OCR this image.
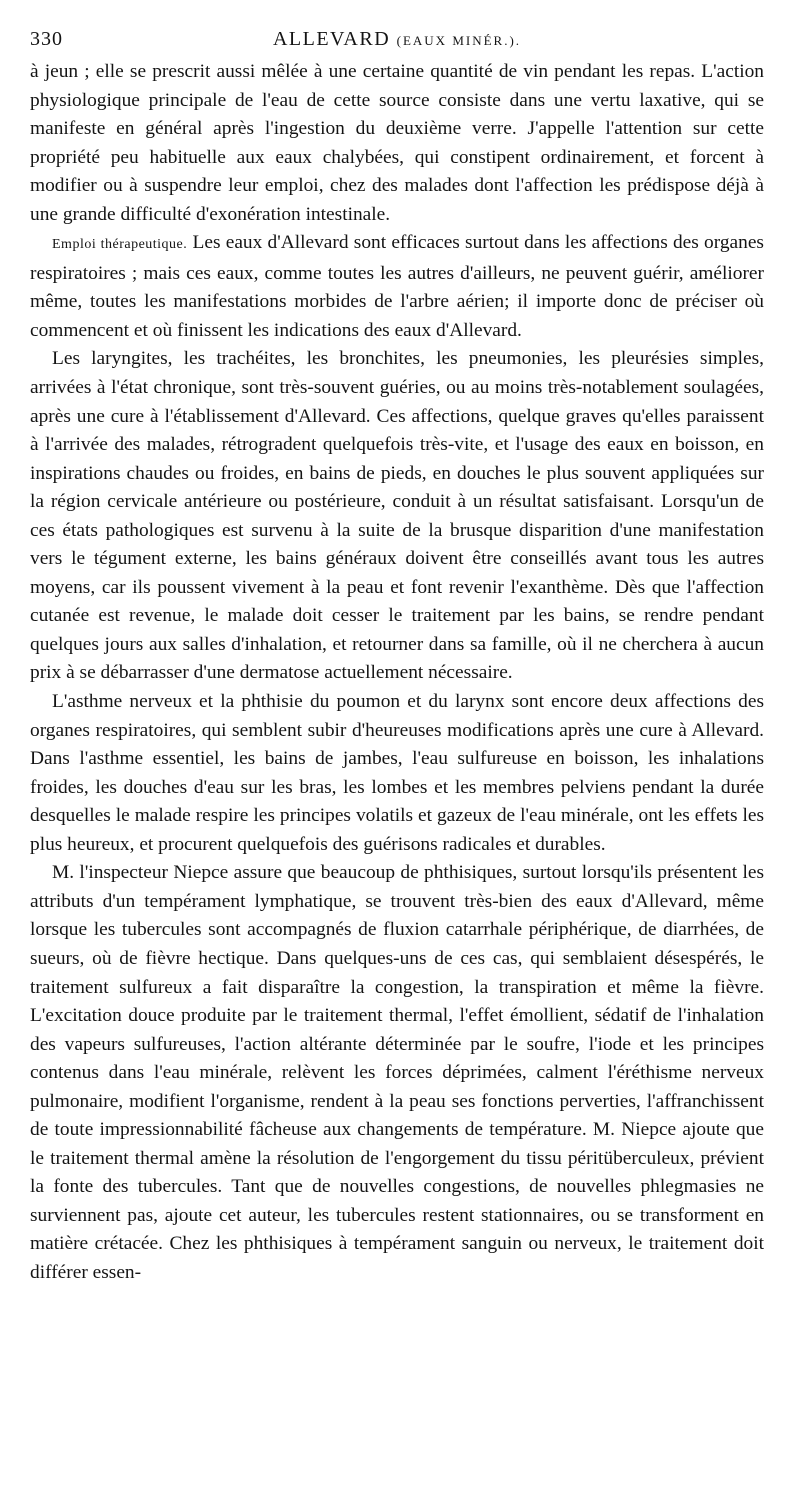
330	ALLEVARD (EAUX MINÉR.).

à jeun ; elle se prescrit aussi mêlée à une certaine quantité de vin pendant les repas. L'action physiologique principale de l'eau de cette source consiste dans une vertu laxative, qui se manifeste en général après l'ingestion du deuxième verre. J'appelle l'attention sur cette propriété peu habituelle aux eaux chalybées, qui constipent ordinairement, et forcent à modifier ou à suspendre leur emploi, chez des malades dont l'affection les prédispose déjà à une grande difficulté d'exonération intestinale.

Emploi thérapeutique. Les eaux d'Allevard sont efficaces surtout dans les affections des organes respiratoires ; mais ces eaux, comme toutes les autres d'ailleurs, ne peuvent guérir, améliorer même, toutes les manifestations morbides de l'arbre aérien; il importe donc de préciser où commencent et où finissent les indications des eaux d'Allevard.

Les laryngites, les trachéites, les bronchites, les pneumonies, les pleurésies simples, arrivées à l'état chronique, sont très-souvent guéries, ou au moins très-notablement soulagées, après une cure à l'établissement d'Allevard. Ces affections, quelque graves qu'elles paraissent à l'arrivée des malades, rétrogradent quelquefois très-vite, et l'usage des eaux en boisson, en inspirations chaudes ou froides, en bains de pieds, en douches le plus souvent appliquées sur la région cervicale antérieure ou postérieure, conduit à un résultat satisfaisant. Lorsqu'un de ces états pathologiques est survenu à la suite de la brusque disparition d'une manifestation vers le tégument externe, les bains généraux doivent être conseillés avant tous les autres moyens, car ils poussent vivement à la peau et font revenir l'exanthème. Dès que l'affection cutanée est revenue, le malade doit cesser le traitement par les bains, se rendre pendant quelques jours aux salles d'inhalation, et retourner dans sa famille, où il ne cherchera à aucun prix à se débarrasser d'une dermatose actuellement nécessaire.

L'asthme nerveux et la phthisie du poumon et du larynx sont encore deux affections des organes respiratoires, qui semblent subir d'heureuses modifications après une cure à Allevard. Dans l'asthme essentiel, les bains de jambes, l'eau sulfureuse en boisson, les inhalations froides, les douches d'eau sur les bras, les lombes et les membres pelviens pendant la durée desquelles le malade respire les principes volatils et gazeux de l'eau minérale, ont les effets les plus heureux, et procurent quelquefois des guérisons radicales et durables.

M. l'inspecteur Niepce assure que beaucoup de phthisiques, surtout lorsqu'ils présentent les attributs d'un tempérament lymphatique, se trouvent très-bien des eaux d'Allevard, même lorsque les tubercules sont accompagnés de fluxion catarrhale périphérique, de diarrhées, de sueurs, où de fièvre hectique. Dans quelques-uns de ces cas, qui semblaient désespérés, le traitement sulfureux a fait disparaître la congestion, la transpiration et même la fièvre. L'excitation douce produite par le traitement thermal, l'effet émollient, sédatif de l'inhalation des vapeurs sulfureuses, l'action altérante déterminée par le soufre, l'iode et les principes contenus dans l'eau minérale, relèvent les forces déprimées, calment l'éréthisme nerveux pulmonaire, modifient l'organisme, rendent à la peau ses fonctions perverties, l'affranchissent de toute impressionnabilité fâcheuse aux changements de température. M. Niepce ajoute que le traitement thermal amène la résolution de l'engorgement du tissu péritüberculeux, prévient la fonte des tubercules. Tant que de nouvelles congestions, de nouvelles phlegmasies ne surviennent pas, ajoute cet auteur, les tubercules restent stationnaires, ou se transforment en matière crétacée. Chez les phthisiques à tempérament sanguin ou nerveux, le traitement doit différer essen-
